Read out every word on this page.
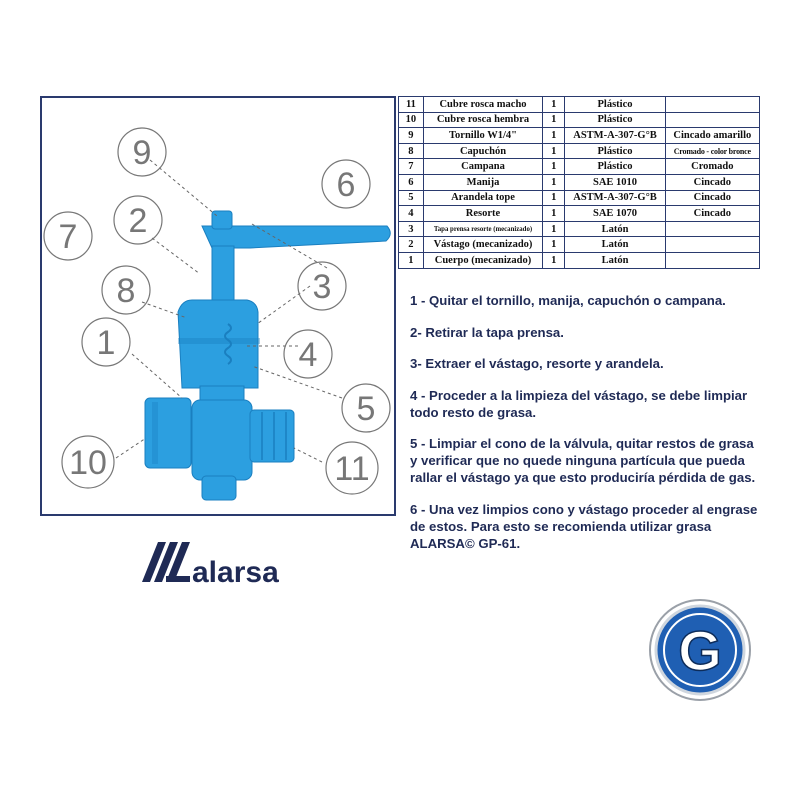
9
2
6
7
8	3
1	4
5
10	11
11	Cubre rosca macho	1	Plástico	
10	Cubre rosca hembra	1	Plástico	
9	Tornillo W1/4"	1	ASTM-A-307-G°B	Cincado amarillo
8	Capuchón	1	Plástico	Cromado - color bronce
7	Campana	1	Plástico	Cromado
6	Manija	1	SAE 1010	Cincado
5	Arandela tope	1	ASTM-A-307-G°B	Cincado
4	Resorte	1	SAE 1070	Cincado
3	Tapa prensa resorte (mecanizado)	1	Latón	
2	Vástago (mecanizado)	1	Latón	
1	Cuerpo (mecanizado)	1	Latón	

1 - Quitar el tornillo, manija, capuchón o campana.

2- Retirar la tapa prensa.

3- Extraer el vástago, resorte y arandela.

4 - Proceder a la limpieza del vástago, se debe limpiar todo resto de grasa.

5 - Limpiar el cono de la válvula, quitar restos de grasa y verificar que no quede ninguna partícula que pueda rallar el vástago ya que esto produciría pérdida de gas.

6 - Una vez limpios cono y vástago proceder al engrase de estos. Para esto se recomienda utilizar grasa ALARSA© GP-61.

alarsa
G
